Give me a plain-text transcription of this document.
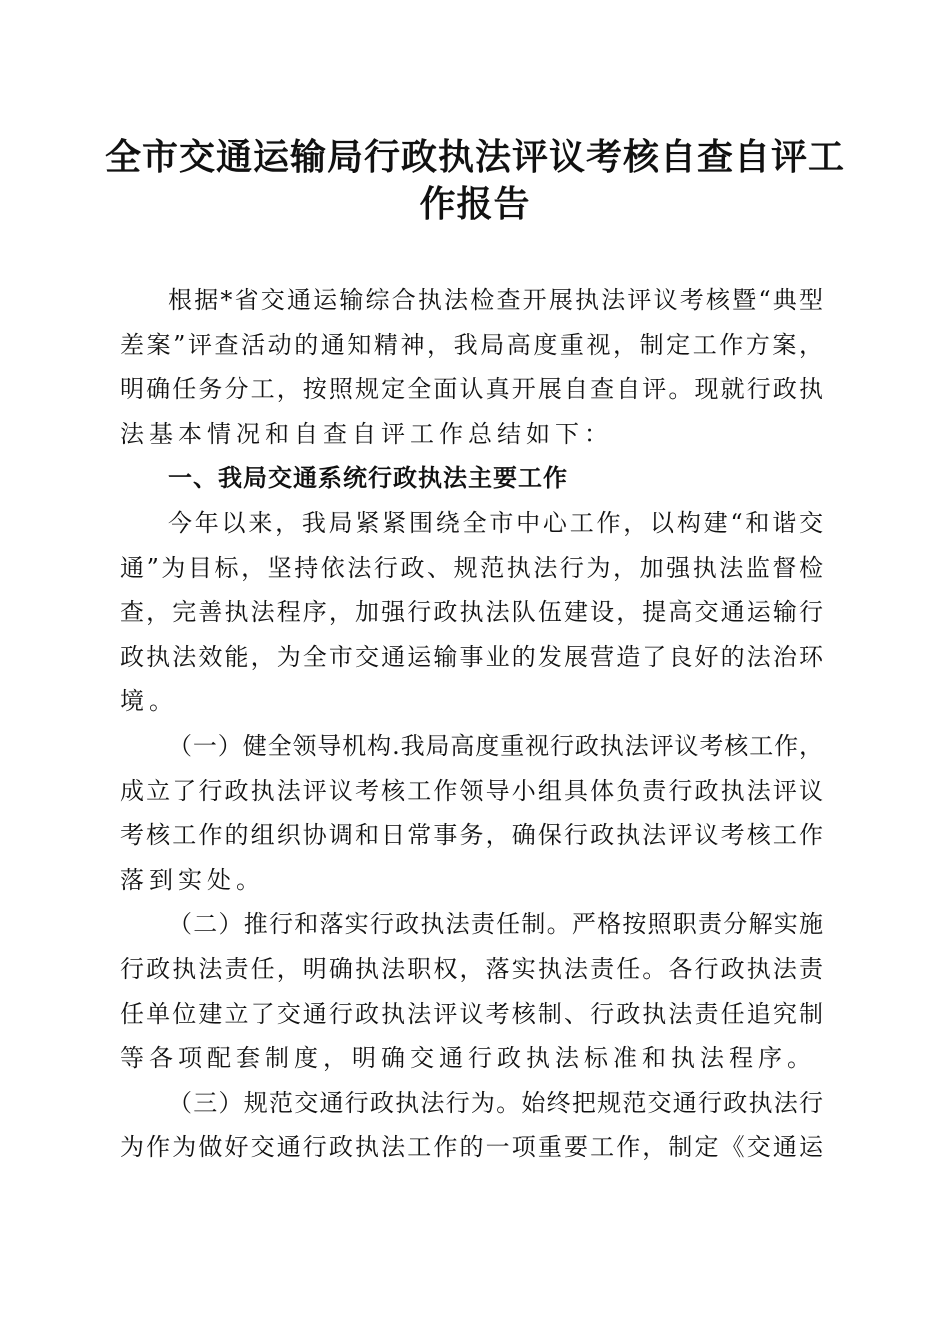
全市交通运输局行政执法评议考核自查自评工
作报告
根据*省交通运输综合执法检查开展执法评议考核暨“典型
差案”评查活动的通知精神，我局高度重视，制定工作方案，
明确任务分工，按照规定全面认真开展自查自评。现就行政执
法基本情况和自查自评工作总结如下：
一、我局交通系统行政执法主要工作
今年以来，我局紧紧围绕全市中心工作，以构建“和谐交
通”为目标，坚持依法行政、规范执法行为，加强执法监督检
查，完善执法程序，加强行政执法队伍建设，提高交通运输行
政执法效能，为全市交通运输事业的发展营造了良好的法治环
境。
（一）健全领导机构.我局高度重视行政执法评议考核工作，
成立了行政执法评议考核工作领导小组具体负责行政执法评议
考核工作的组织协调和日常事务，确保行政执法评议考核工作
落到实处。
（二）推行和落实行政执法责任制。严格按照职责分解实施
行政执法责任，明确执法职权，落实执法责任。各行政执法责
任单位建立了交通行政执法评议考核制、行政执法责任追究制
等各项配套制度，明确交通行政执法标准和执法程序。
（三）规范交通行政执法行为。始终把规范交通行政执法行
为作为做好交通行政执法工作的一项重要工作，制定《交通运
